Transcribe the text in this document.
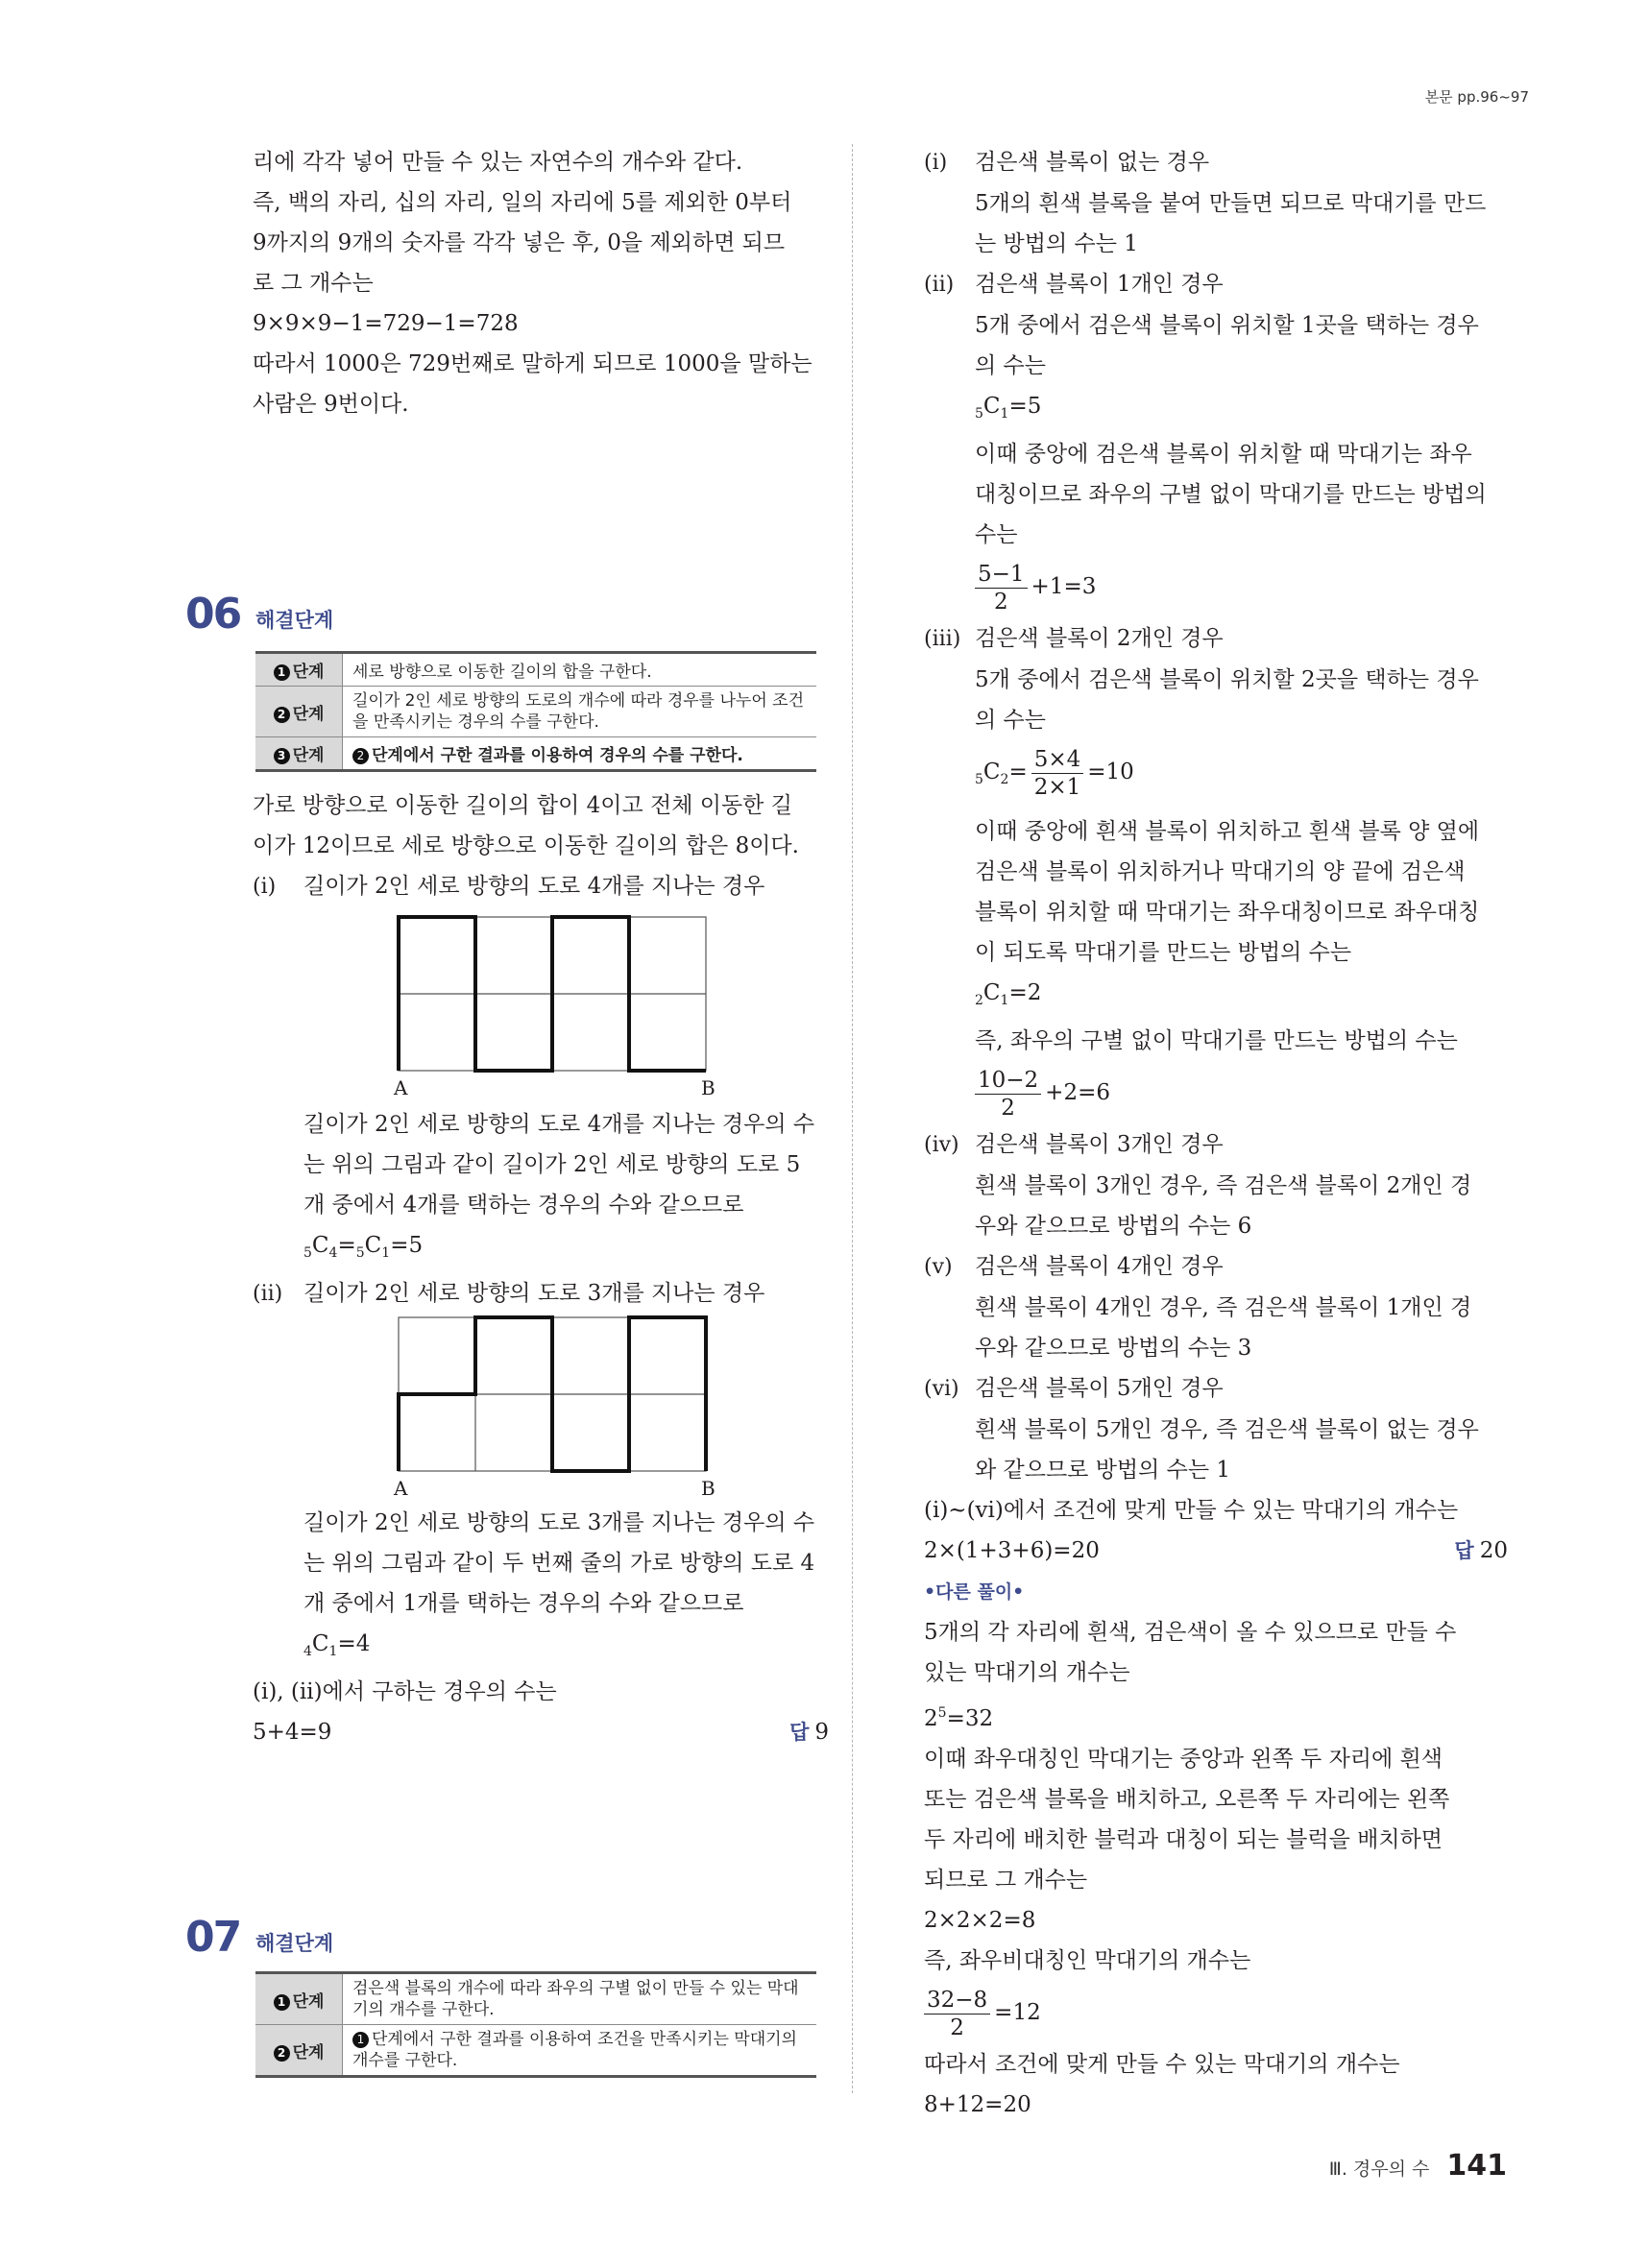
본문 pp.96~97

리에 각각 넣어 만들 수 있는 자연수의 개수와 같다.

즉, 백의 자리, 십의 자리, 일의 자리에 5를 제외한 0부터

9까지의 9개의 숫자를 각각 넣은 후, 0을 제외하면 되므

로 그 개수는

9×9×9−1=729−1=728

따라서 1000은 729번째로 말하게 되므로 1000을 말하는

사람은 9번이다.

06 해결단계
1 단계	세로 방향으로 이동한 길이의 합을 구한다.
2 단계	길이가 2인 세로 방향의 도로의 개수에 따라 경우를 나누어 조건을 만족시키는 경우의 수를 구한다.
3 단계	2 단계에서 구한 결과를 이용하여 경우의 수를 구한다.

가로 방향으로 이동한 길이의 합이 4이고 전체 이동한 길

이가 12이므로 세로 방향으로 이동한 길이의 합은 8이다.

(ⅰ) 길이가 2인 세로 방향의 도로 4개를 지나는 경우

A	B

길이가 2인 세로 방향의 도로 4개를 지나는 경우의 수

는 위의 그림과 같이 길이가 2인 세로 방향의 도로 5

개 중에서 4개를 택하는 경우의 수와 같으므로

$_5C_4=_5C_1=5$

(ⅱ) 길이가 2인 세로 방향의 도로 3개를 지나는 경우

A	B

길이가 2인 세로 방향의 도로 3개를 지나는 경우의 수

는 위의 그림과 같이 두 번째 줄의 가로 방향의 도로 4

개 중에서 1개를 택하는 경우의 수와 같으므로

$_4C_1=4$

(ⅰ), (ⅱ)에서 구하는 경우의 수는

5+4=9	답 9

07 해결단계
1 단계	검은색 블록의 개수에 따라 좌우의 구별 없이 만들 수 있는 막대기의 개수를 구한다.
2 단계	1 단계에서 구한 결과를 이용하여 조건을 만족시키는 막대기의 개수를 구한다.

(ⅰ) 검은색 블록이 없는 경우

5개의 흰색 블록을 붙여 만들면 되므로 막대기를 만드

는 방법의 수는 1

(ⅱ) 검은색 블록이 1개인 경우

5개 중에서 검은색 블록이 위치할 1곳을 택하는 경우

의 수는

$_5C_1=5$

이때 중앙에 검은색 블록이 위치할 때 막대기는 좌우

대칭이므로 좌우의 구별 없이 막대기를 만드는 방법의

수는

$\frac{5-1}{2} +1=3$

(ⅲ) 검은색 블록이 2개인 경우

5개 중에서 검은색 블록이 위치할 2곳을 택하는 경우

의 수는

$_5C_2= \frac{5\times 4}{2\times 1} =10$

이때 중앙에 흰색 블록이 위치하고 흰색 블록 양 옆에

검은색 블록이 위치하거나 막대기의 양 끝에 검은색

블록이 위치할 때 막대기는 좌우대칭이므로 좌우대칭

이 되도록 막대기를 만드는 방법의 수는

$_2C_1=2$

즉, 좌우의 구별 없이 막대기를 만드는 방법의 수는

$\frac{10-2}{2} +2=6$

(ⅳ) 검은색 블록이 3개인 경우

흰색 블록이 3개인 경우, 즉 검은색 블록이 2개인 경

우와 같으므로 방법의 수는 6

(ⅴ) 검은색 블록이 4개인 경우

흰색 블록이 4개인 경우, 즉 검은색 블록이 1개인 경

우와 같으므로 방법의 수는 3

(ⅵ) 검은색 블록이 5개인 경우

흰색 블록이 5개인 경우, 즉 검은색 블록이 없는 경우

와 같으므로 방법의 수는 1

(ⅰ)~(ⅵ)에서 조건에 맞게 만들 수 있는 막대기의 개수는

2×(1+3+6)=20	답 20

•다른 풀이•

5개의 각 자리에 흰색, 검은색이 올 수 있으므로 만들 수

있는 막대기의 개수는

$2^5=32$

이때 좌우대칭인 막대기는 중앙과 왼쪽 두 자리에 흰색

또는 검은색 블록을 배치하고, 오른쪽 두 자리에는 왼쪽

두 자리에 배치한 블럭과 대칭이 되는 블럭을 배치하면

되므로 그 개수는

2×2×2=8

즉, 좌우비대칭인 막대기의 개수는

$\frac{32-8}{2} =12$

따라서 조건에 맞게 만들 수 있는 막대기의 개수는

8+12=20

Ⅲ. 경우의 수 141
